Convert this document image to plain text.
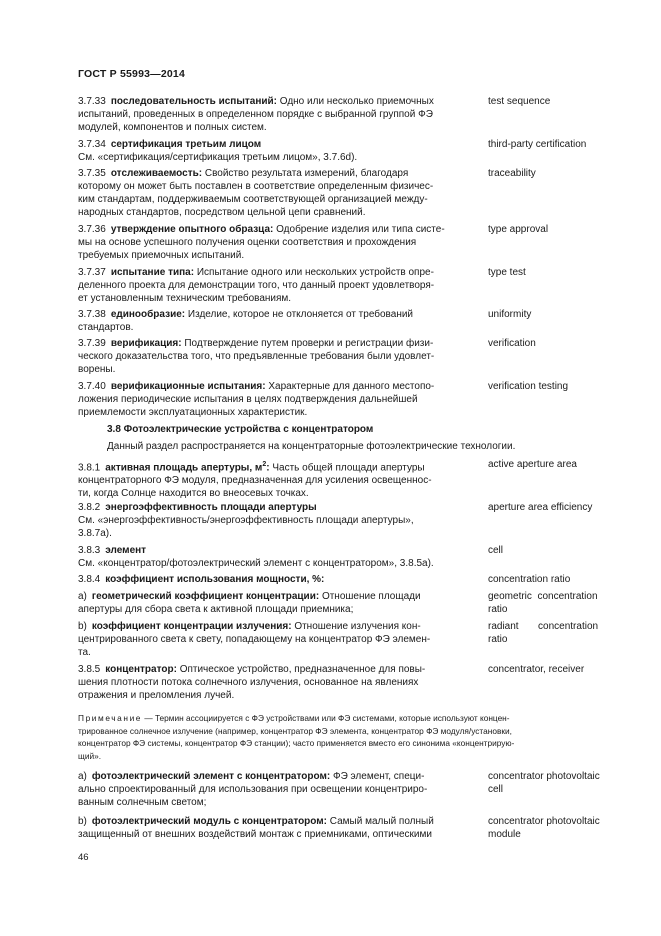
ГОСТ Р 55993—2014
3.7.33  последовательность испытаний: Одно или несколько приемочных
испытаний, проведенных в определенном порядке с выбранной группой ФЭ
модулей, компонентов и полных систем.
test sequence
3.7.34  сертификация третьим лицом
См. «сертификация/сертификация третьим лицом», 3.7.6d).
third-party certification
3.7.35  отслеживаемость: Свойство результата измерений, благодаря
которому он может быть поставлен в соответствие определенным физичес-
ким стандартам, поддерживаемым соответствующей организацией между-
народных стандартов, посредством цельной цепи сравнений.
traceability
3.7.36  утверждение опытного образца: Одобрение изделия или типа систе-
мы на основе успешного получения оценки соответствия и прохождения
требуемых приемочных испытаний.
type approval
3.7.37  испытание типа: Испытание одного или нескольких устройств опре-
деленного проекта для демонстрации того, что данный проект удовлетворя-
ет установленным техническим требованиям.
type test
3.7.38  единообразие: Изделие, которое не отклоняется от требований
стандартов.
uniformity
3.7.39  верификация: Подтверждение путем проверки и регистрации физи-
ческого доказательства того, что предъявленные требования были удовлет-
ворены.
verification
3.7.40  верификационные испытания: Характерные для данного местопо-
ложения периодические испытания в целях подтверждения дальнейшей
приемлемости эксплуатационных характеристик.
verification testing
3.8 Фотоэлектрические устройства с концентратором
Данный раздел распространяется на концентраторные фотоэлектрические технологии.
3.8.1  активная площадь апертуры, $м^2$: Часть общей площади апертуры
концентраторного ФЭ модуля, предназначенная для усиления освещеннос-
ти, когда Солнце находится во внеосевых точках.
active aperture area
3.8.2  энергоэффективность площади апертуры
См. «энергоэффективность/энергоэффективность площади апертуры»,
3.8.7a).
aperture area efficiency
3.8.3  элемент
См. «концентратор/фотоэлектрический элемент с концентратором», 3.8.5a).
cell
3.8.4  коэффициент использования мощности, %:	concentration ratio
a)  геометрический коэффициент концентрации: Отношение площади
апертуры для сбора света к активной площади приемника;
geometric  concentration
ratio
b)  коэффициент концентрации излучения: Отношение излучения кон-
центрированного света к свету, попадающему на концентратор ФЭ элемен-
та.
radiant       concentration
ratio
3.8.5  концентратор: Оптическое устройство, предназначенное для повы-
шения плотности потока солнечного излучения, основанное на явлениях
отражения и преломления лучей.
concentrator, receiver
Примечание — Термин ассоциируется с ФЭ устройствами или ФЭ системами, которые используют концен-
трированное солнечное излучение (например, концентратор ФЭ элемента, концентратор ФЭ модуля/установки,
концентратор ФЭ системы, концентратор ФЭ станции); часто применяется вместо его синонима «концентрирую-
щий».
a)  фотоэлектрический элемент с концентратором: ФЭ элемент, специ-
ально спроектированный для использования при освещении концентриро-
ванным солнечным светом;
concentrator photovoltaic
cell
b)  фотоэлектрический модуль с концентратором: Самый малый полный
защищенный от внешних воздействий монтаж с приемниками, оптическими
concentrator photovoltaic
module
46
